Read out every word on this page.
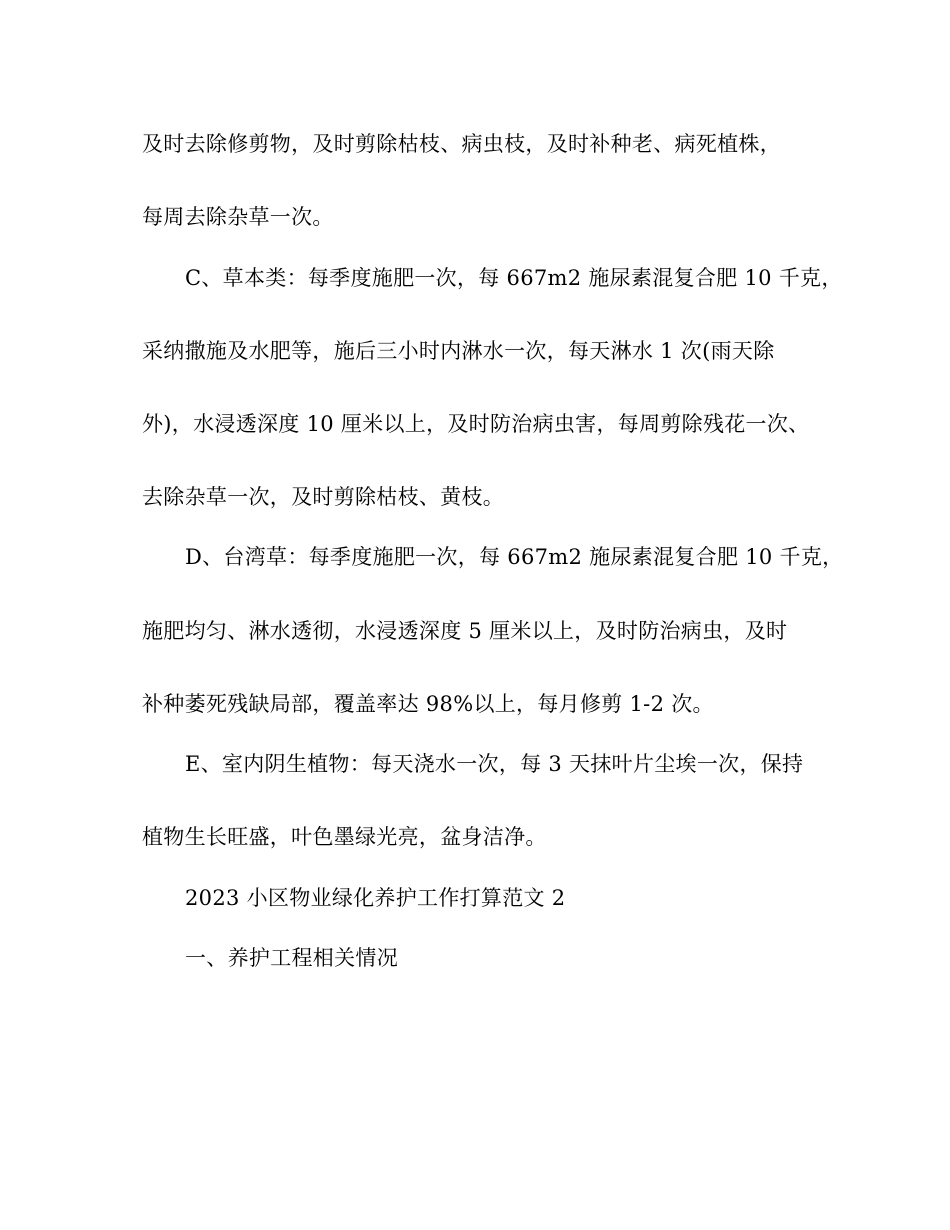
及时去除修剪物，及时剪除枯枝、病虫枝，及时补种老、病死植株，
每周去除杂草一次。
C、草本类：每季度施肥一次，每 667m2 施尿素混复合肥 10 千克，
采纳撒施及水肥等，施后三小时内淋水一次，每天淋水 1 次(雨天除
外)，水浸透深度 10 厘米以上，及时防治病虫害，每周剪除残花一次、
去除杂草一次，及时剪除枯枝、黄枝。
D、台湾草：每季度施肥一次，每 667m2 施尿素混复合肥 10 千克，
施肥均匀、淋水透彻，水浸透深度 5 厘米以上，及时防治病虫，及时
补种萎死残缺局部，覆盖率达 98%以上，每月修剪 1-2 次。
E、室内阴生植物：每天浇水一次，每 3 天抹叶片尘埃一次，保持
植物生长旺盛，叶色墨绿光亮，盆身洁净。
2023 小区物业绿化养护工作打算范文 2
一、养护工程相关情况
